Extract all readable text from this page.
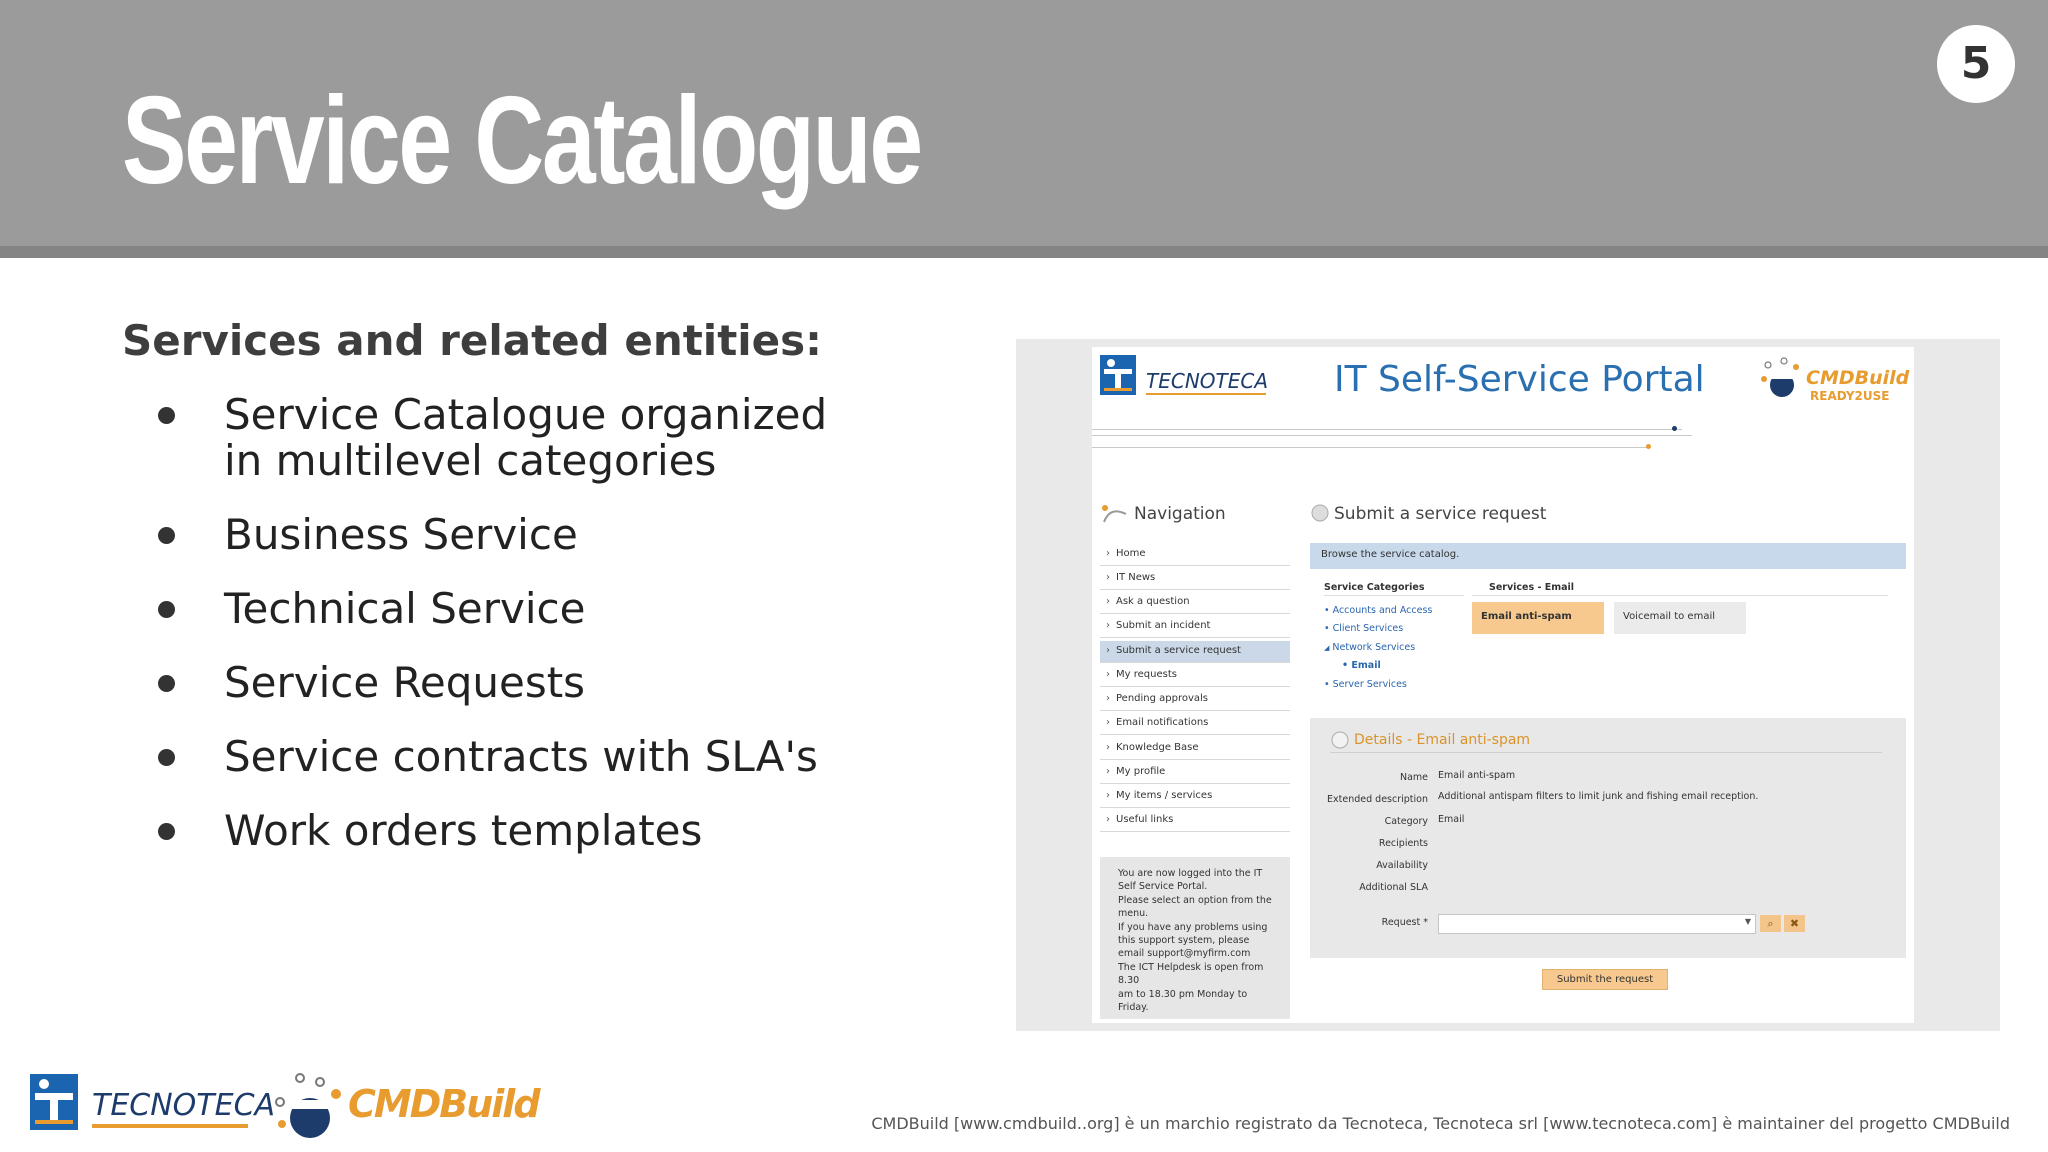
Service Catalogue
5
Services and related entities:
Service Catalogue organized in multilevel categories
Business Service
Technical Service
Service Requests
Service contracts with SLA's
Work orders templates
TECNOTECA IT Self-Service Portal	CMDBuild
READY2USE
Navigation
› Home
› IT News
› Ask a question
› Submit an incident
› Submit a service request
› My requests
› Pending approvals
› Email notifications
› Knowledge Base
› My profile
› My items / services
› Useful links
You are now logged into the IT
Self Service Portal.
Please select an option from the
menu.
If you have any problems using
this support system, please
email support@myfirm.com
The ICT Helpdesk is open from
8.30
am to 18.30 pm Monday to Friday.
Submit a service request
Browse the service catalog.
Service Categories
• Accounts and Access
• Client Services
◢ Network Services
• Email
• Server Services
Services - Email
Email anti-spam	Voicemail to email
Details - Email anti-spam
Name Email anti-spam
Extended description Additional antispam filters to limit junk and fishing email reception.
Category Email
Recipients
Availability
Additional SLA
Request *	▼	⌕	✖
Submit the request
TECNOTECA CMDBuild	CMDBuild [www.cmdbuild..org] è un marchio registrato da Tecnoteca, Tecnoteca srl [www.tecnoteca.com] è maintainer del progetto CMDBuild
